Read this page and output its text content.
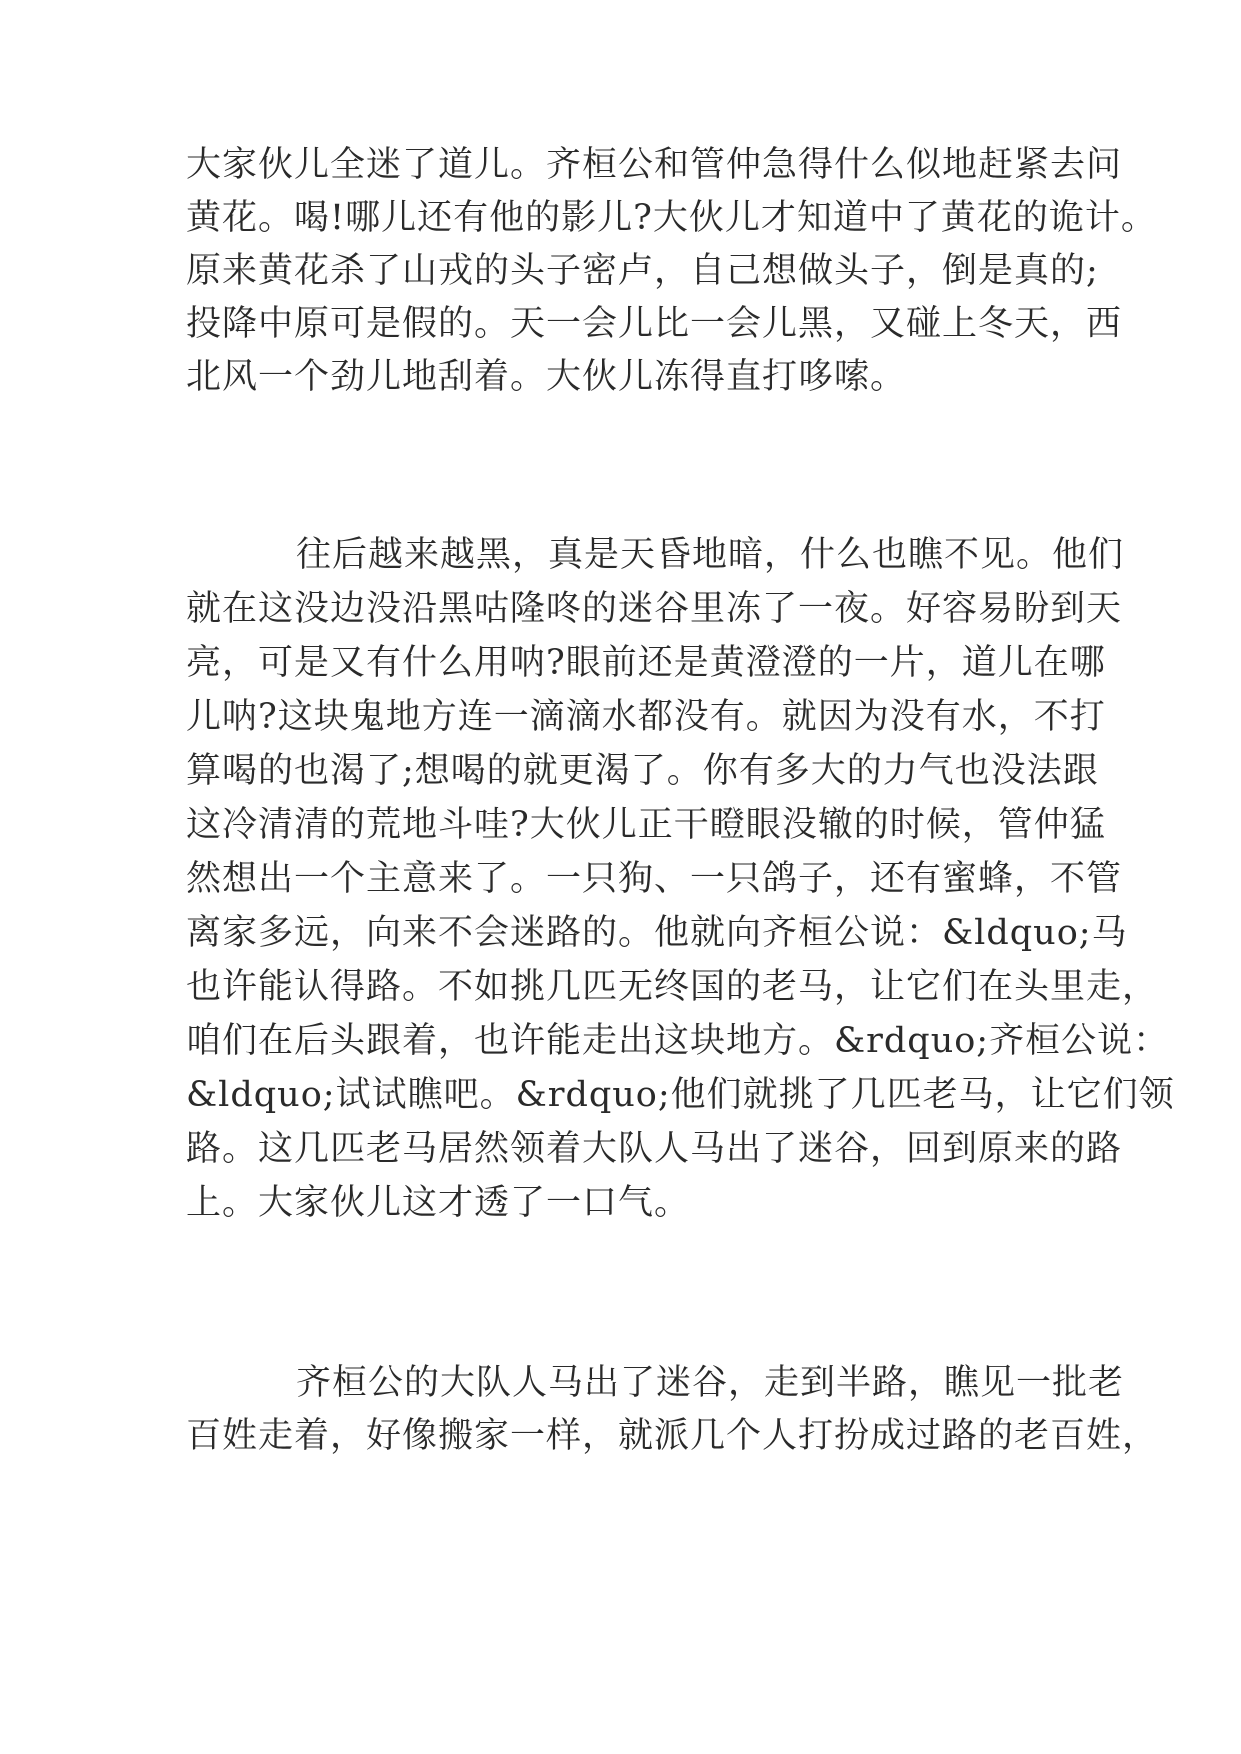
大家伙儿全迷了道儿。齐桓公和管仲急得什么似地赶紧去问

黄花。喝!哪儿还有他的影儿?大伙儿才知道中了黄花的诡计。

原来黄花杀了山戎的头子密卢，自己想做头子，倒是真的;

投降中原可是假的。天一会儿比一会儿黑，又碰上冬天，西

北风一个劲儿地刮着。大伙儿冻得直打哆嗦。

往后越来越黑，真是天昏地暗，什么也瞧不见。他们

就在这没边没沿黑咕隆咚的迷谷里冻了一夜。好容易盼到天

亮，可是又有什么用呐?眼前还是黄澄澄的一片，道儿在哪

儿呐?这块鬼地方连一滴滴水都没有。就因为没有水，不打

算喝的也渴了;想喝的就更渴了。你有多大的力气也没法跟

这冷清清的荒地斗哇?大伙儿正干瞪眼没辙的时候，管仲猛

然想出一个主意来了。一只狗、一只鸽子，还有蜜蜂，不管

离家多远，向来不会迷路的。他就向齐桓公说：&ldquo;马

也许能认得路。不如挑几匹无终国的老马，让它们在头里走，

咱们在后头跟着，也许能走出这块地方。&rdquo;齐桓公说：

&ldquo;试试瞧吧。&rdquo;他们就挑了几匹老马，让它们领

路。这几匹老马居然领着大队人马出了迷谷，回到原来的路

上。大家伙儿这才透了一口气。

齐桓公的大队人马出了迷谷，走到半路，瞧见一批老

百姓走着，好像搬家一样，就派几个人打扮成过路的老百姓，
